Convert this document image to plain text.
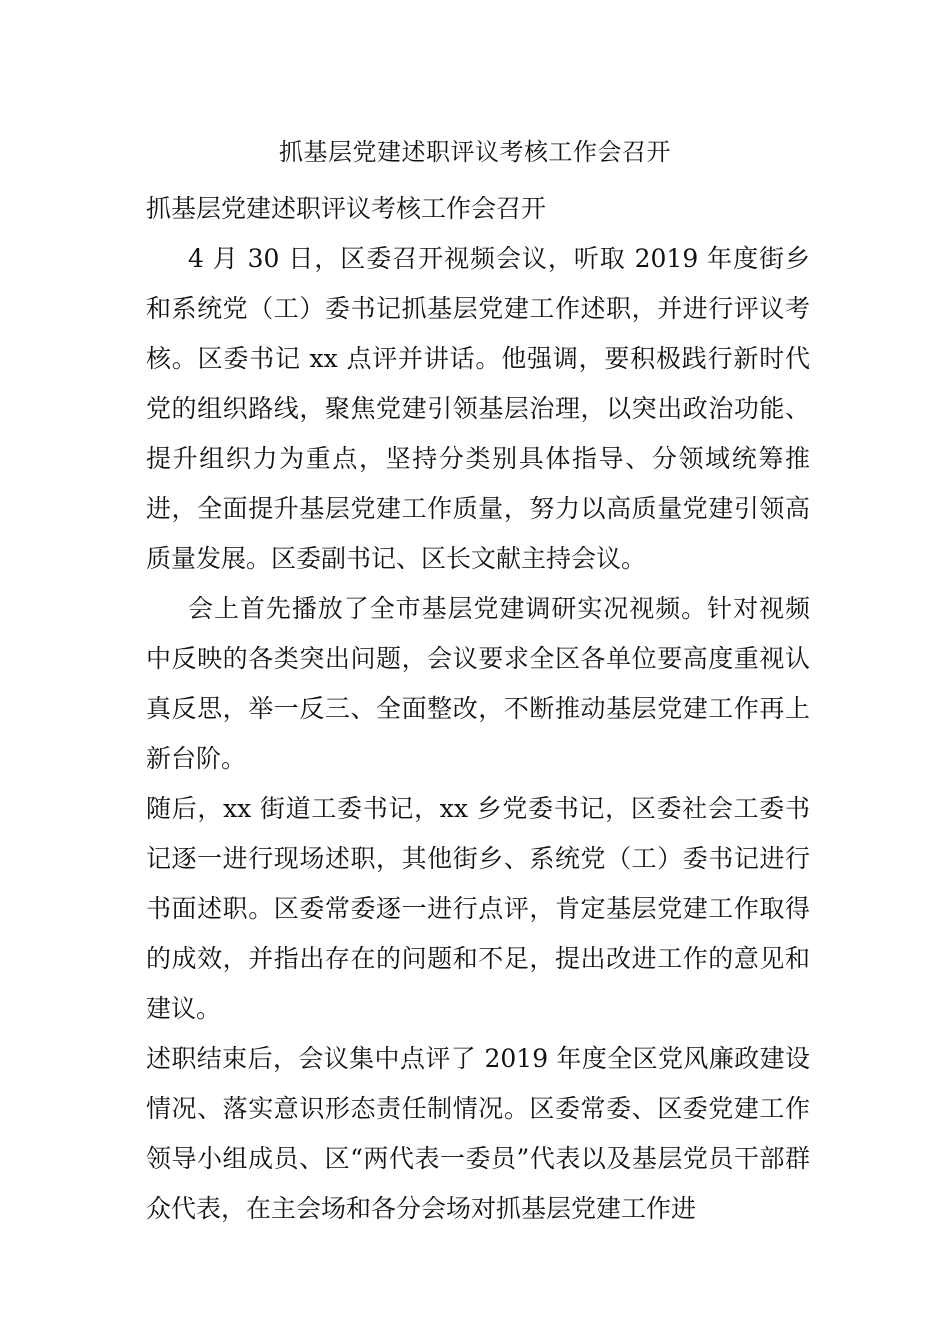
抓基层党建述职评议考核工作会召开

抓基层党建述职评议考核工作会召开

4 月 30 日，区委召开视频会议，听取 2019 年度街乡和系统党（工）委书记抓基层党建工作述职，并进行评议考核。区委书记 xx 点评并讲话。他强调，要积极践行新时代党的组织路线，聚焦党建引领基层治理，以突出政治功能、提升组织力为重点，坚持分类别具体指导、分领域统筹推进，全面提升基层党建工作质量，努力以高质量党建引领高质量发展。区委副书记、区长文献主持会议。

会上首先播放了全市基层党建调研实况视频。针对视频中反映的各类突出问题，会议要求全区各单位要高度重视认真反思，举一反三、全面整改，不断推动基层党建工作再上新台阶。

随后，xx 街道工委书记，xx 乡党委书记，区委社会工委书记逐一进行现场述职，其他街乡、系统党（工）委书记进行书面述职。区委常委逐一进行点评，肯定基层党建工作取得的成效，并指出存在的问题和不足，提出改进工作的意见和建议。

述职结束后，会议集中点评了 2019 年度全区党风廉政建设情况、落实意识形态责任制情况。区委常委、区委党建工作领导小组成员、区“两代表一委员”代表以及基层党员干部群众代表，在主会场和各分会场对抓基层党建工作进
